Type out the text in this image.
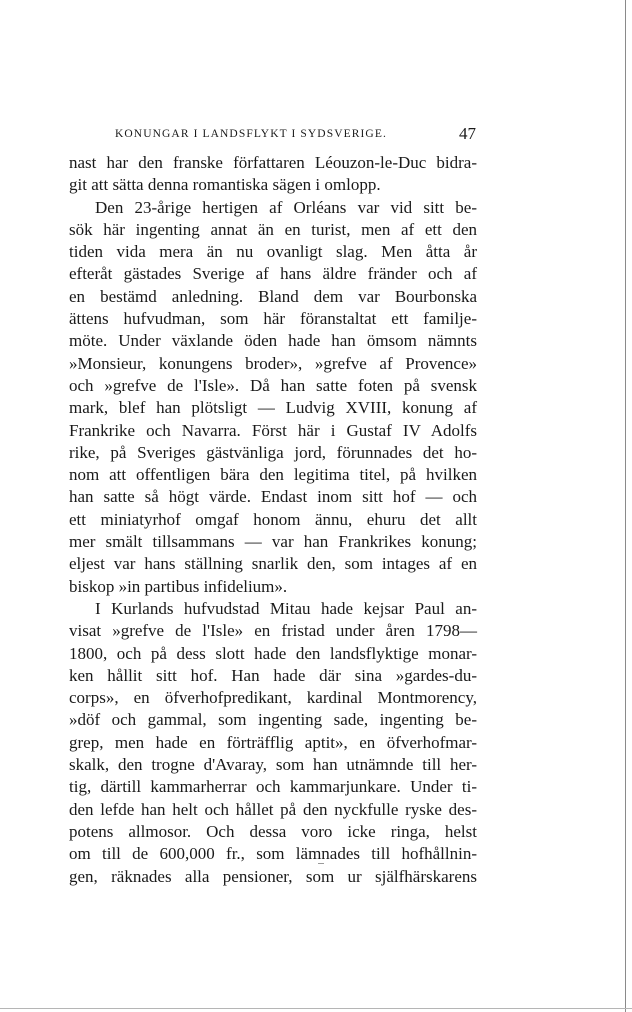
KONUNGAR I LANDSFLYKT I SYDSVERIGE.	47
nast har den franske författaren Léouzon-le-Duc bidra-
git att sätta denna romantiska sägen i omlopp.
Den 23-årige hertigen af Orléans var vid sitt be-
sök här ingenting annat än en turist, men af ett den
tiden vida mera än nu ovanligt slag. Men åtta år
efteråt gästades Sverige af hans äldre fränder och af
en bestämd anledning. Bland dem var Bourbonska
ättens hufvudman, som här föranstaltat ett familje-
möte. Under växlande öden hade han ömsom nämnts
»Monsieur, konungens broder», »grefve af Provence»
och »grefve de l'Isle». Då han satte foten på svensk
mark, blef han plötsligt — Ludvig XVIII, konung af
Frankrike och Navarra. Först här i Gustaf IV Adolfs
rike, på Sveriges gästvänliga jord, förunnades det ho-
nom att offentligen bära den legitima titel, på hvilken
han satte så högt värde. Endast inom sitt hof — och
ett miniatyrhof omgaf honom ännu, ehuru det allt
mer smält tillsammans — var han Frankrikes konung;
eljest var hans ställning snarlik den, som intages af en
biskop »in partibus infidelium».
I Kurlands hufvudstad Mitau hade kejsar Paul an-
visat »grefve de l'Isle» en fristad under åren 1798—
1800, och på dess slott hade den landsflyktige monar-
ken hållit sitt hof. Han hade där sina »gardes-du-
corps», en öfverhofpredikant, kardinal Montmorency,
»döf och gammal, som ingenting sade, ingenting be-
grep, men hade en förträfflig aptit», en öfverhofmar-
skalk, den trogne d'Avaray, som han utnämnde till her-
tig, därtill kammarherrar och kammarjunkare. Under ti-
den lefde han helt och hållet på den nyckfulle ryske des-
potens allmosor. Och dessa voro icke ringa, helst
om till de 600,000 fr., som lämnades till hofhållnin-
gen, räknades alla pensioner, som ur själfhärskarens
